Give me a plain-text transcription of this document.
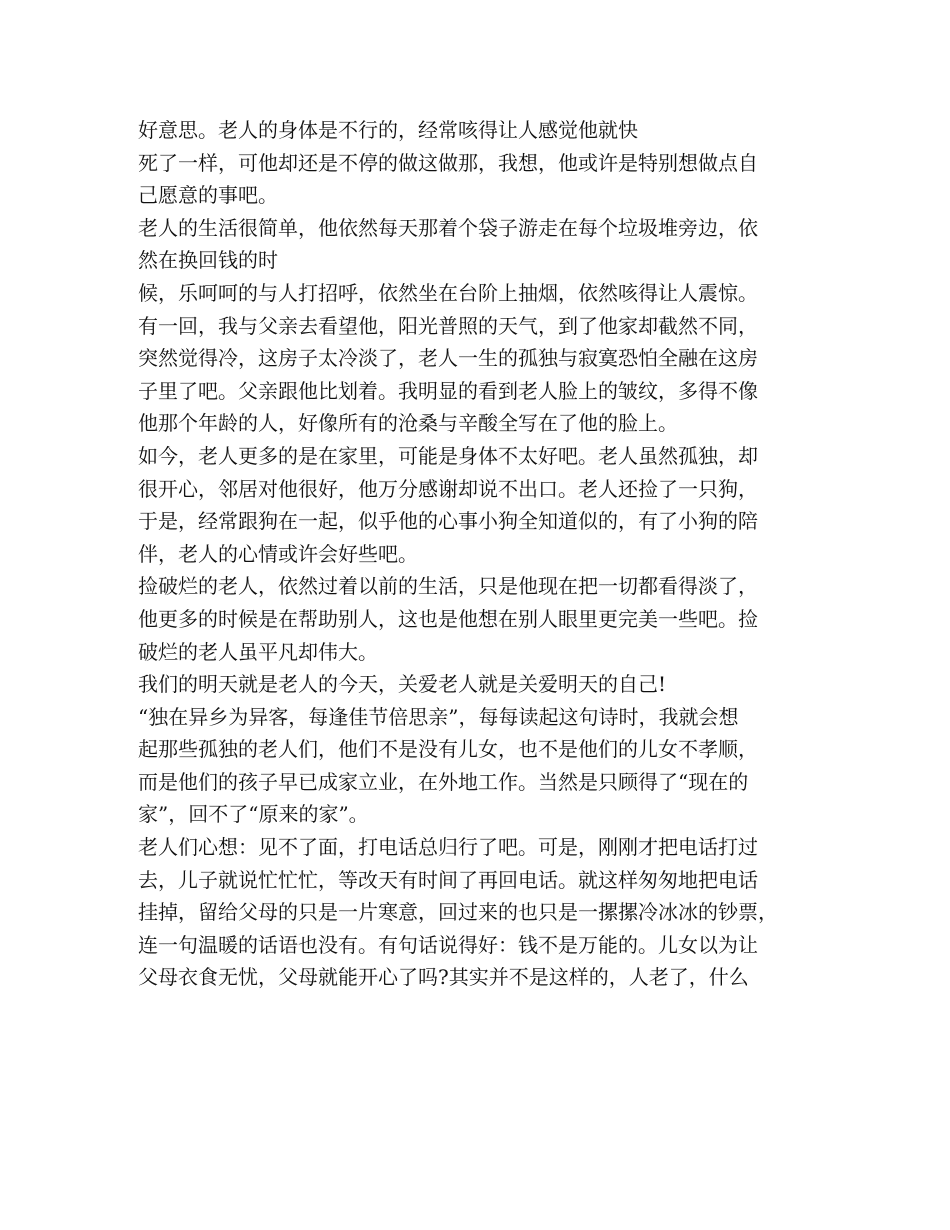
好意思。老人的身体是不行的，经常咳得让人感觉他就快
死了一样，可他却还是不停的做这做那，我想，他或许是特别想做点自
己愿意的事吧。
老人的生活很简单，他依然每天那着个袋子游走在每个垃圾堆旁边，依
然在换回钱的时
候，乐呵呵的与人打招呼，依然坐在台阶上抽烟，依然咳得让人震惊。
有一回，我与父亲去看望他，阳光普照的天气，到了他家却截然不同，
突然觉得冷，这房子太冷淡了，老人一生的孤独与寂寞恐怕全融在这房
子里了吧。父亲跟他比划着。我明显的看到老人脸上的皱纹，多得不像
他那个年龄的人，好像所有的沧桑与辛酸全写在了他的脸上。
如今，老人更多的是在家里，可能是身体不太好吧。老人虽然孤独，却
很开心，邻居对他很好，他万分感谢却说不出口。老人还捡了一只狗，
于是，经常跟狗在一起，似乎他的心事小狗全知道似的，有了小狗的陪
伴，老人的心情或许会好些吧。
捡破烂的老人，依然过着以前的生活，只是他现在把一切都看得淡了，
他更多的时候是在帮助别人，这也是他想在别人眼里更完美一些吧。捡
破烂的老人虽平凡却伟大。
我们的明天就是老人的今天，关爱老人就是关爱明天的自己!
“独在异乡为异客，每逢佳节倍思亲”，每每读起这句诗时，我就会想
起那些孤独的老人们，他们不是没有儿女，也不是他们的儿女不孝顺，
而是他们的孩子早已成家立业，在外地工作。当然是只顾得了“现在的
家”，回不了“原来的家”。
老人们心想：见不了面，打电话总归行了吧。可是，刚刚才把电话打过
去，儿子就说忙忙忙，等改天有时间了再回电话。就这样匆匆地把电话
挂掉，留给父母的只是一片寒意，回过来的也只是一摞摞冷冰冰的钞票，
连一句温暖的话语也没有。有句话说得好：钱不是万能的。儿女以为让
父母衣食无忧，父母就能开心了吗?其实并不是这样的，人老了，什么
